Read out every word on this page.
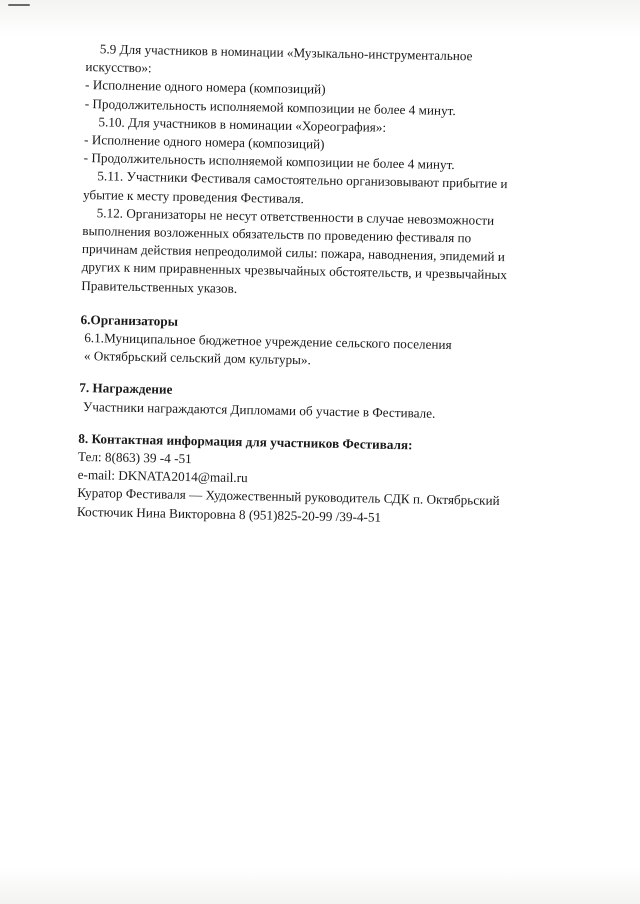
5.9 Для участников в номинации «Музыкально-инструментальное

искусство»:

- Исполнение одного номера (композиций)

- Продолжительность исполняемой композиции не более 4 минут.

5.10. Для участников в номинации «Хореография»:

- Исполнение одного номера (композиций)

- Продолжительность исполняемой композиции не более 4 минут.

5.11. Участники Фестиваля самостоятельно организовывают прибытие и

убытие к месту проведения Фестиваля.

5.12. Организаторы не несут ответственности в случае невозможности

выполнения возложенных обязательств по проведению фестиваля по

причинам действия непреодолимой силы: пожара, наводнения, эпидемий и

других к ним приравненных чрезвычайных обстоятельств, и чрезвычайных

Правительственных указов.

6.Организаторы

6.1.Муниципальное бюджетное учреждение сельского поселения

« Октябрьский сельский дом культуры».

7. Награждение

Участники награждаются Дипломами об участие в Фестивале.

8. Контактная информация для участников Фестиваля:

Тел: 8(863) 39 -4 -51

e-mail: DKNATA2014@mail.ru

Куратор Фестиваля — Художественный руководитель СДК п. Октябрьский

Костючик Нина Викторовна 8 (951)825-20-99 /39-4-51
